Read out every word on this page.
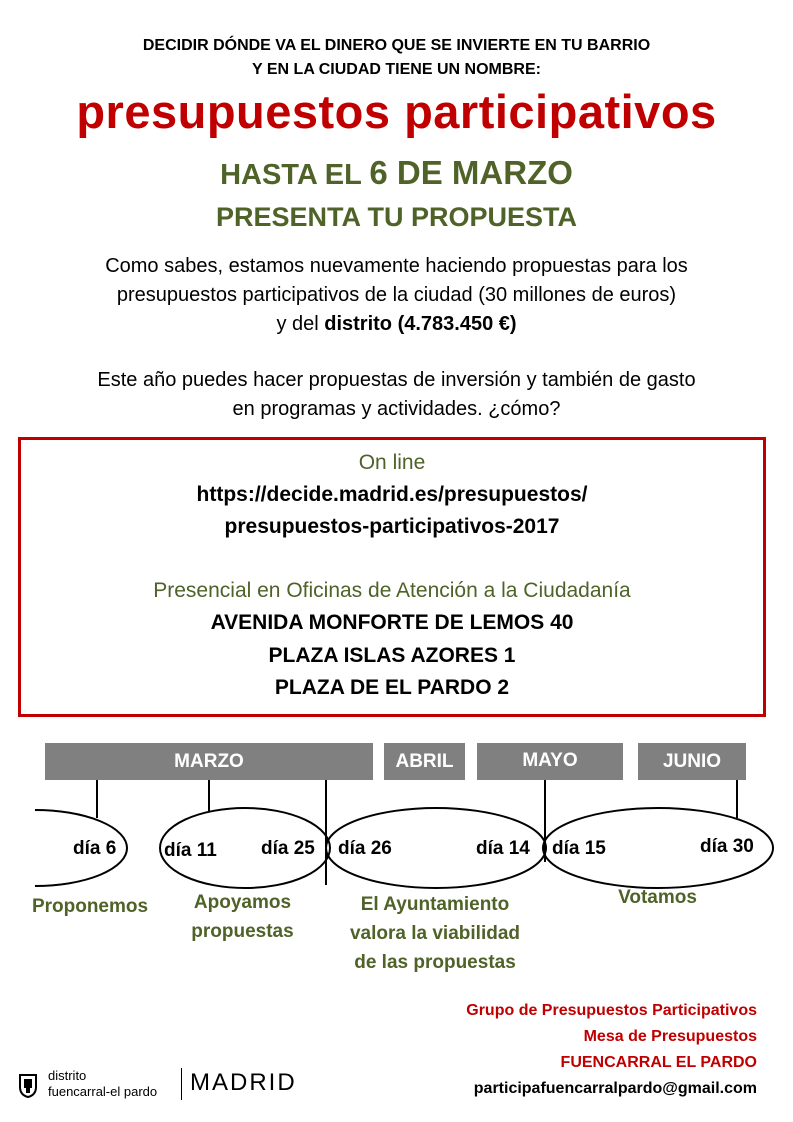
DECIDIR DÓNDE VA EL DINERO QUE SE INVIERTE EN TU BARRIO
Y EN LA CIUDAD TIENE UN NOMBRE:
presupuestos participativos
HASTA EL 6 DE MARZO
PRESENTA TU PROPUESTA
Como sabes, estamos nuevamente haciendo propuestas para los
presupuestos participativos de la ciudad (30 millones de euros)
y del distrito (4.783.450 €)
Este año puedes hacer propuestas de inversión y también de gasto
en programas y actividades. ¿cómo?
On line
https://decide.madrid.es/presupuestos/
presupuestos-participativos-2017
Presencial en Oficinas de Atención a la Ciudadanía
AVENIDA MONFORTE DE LEMOS 40
PLAZA ISLAS AZORES 1
PLAZA DE EL PARDO 2
MARZO	ABRIL	MAYO	JUNIO
día 6	día 11 día 25 día 26	día 14 día 15	día 30
Proponemos	Apoyamos
propuestas
El Ayuntamiento
valora la viabilidad
de las propuestas
Votamos
Grupo de Presupuestos Participativos
Mesa de Presupuestos
FUENCARRAL EL PARDO
participafuencarralpardo@gmail.com
distrito
fuencarral-el pardo MADRID
